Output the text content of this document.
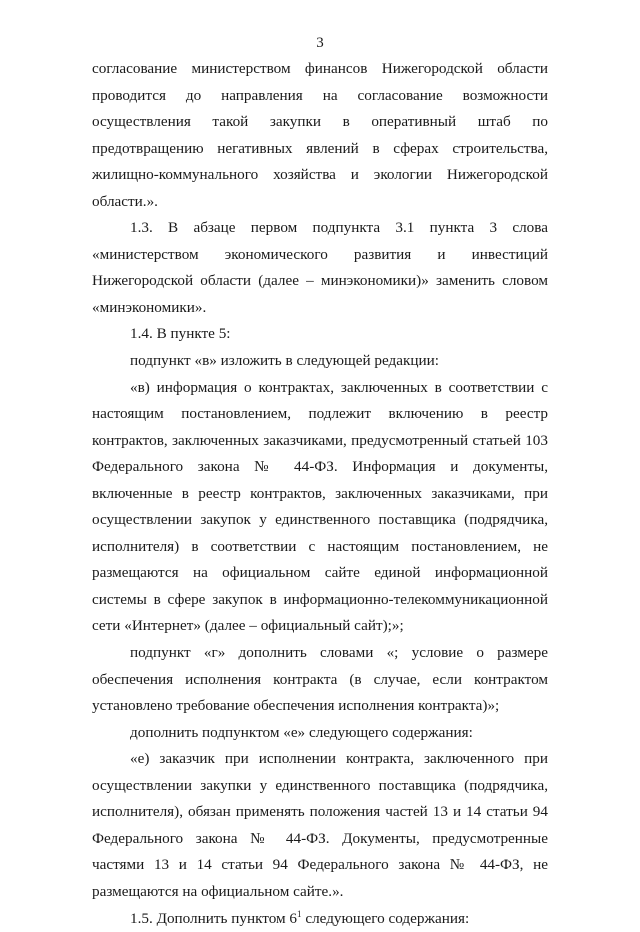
3

согласование министерством финансов Нижегородской области проводится до направления на согласование возможности осуществления такой закупки в оперативный штаб по предотвращению негативных явлений в сферах строительства, жилищно-коммунального хозяйства и экологии Нижегородской области.».

1.3. В абзаце первом подпункта 3.1 пункта 3 слова «министерством экономического развития и инвестиций Нижегородской области (далее – минэкономики)» заменить словом «минэкономики».

1.4. В пункте 5:

подпункт «в» изложить в следующей редакции:

«в) информация о контрактах, заключенных в соответствии с настоящим постановлением, подлежит включению в реестр контрактов, заключенных заказчиками, предусмотренный статьей 103 Федерального закона № 44-ФЗ. Информация и документы, включенные в реестр контрактов, заключенных заказчиками, при осуществлении закупок у единственного поставщика (подрядчика, исполнителя) в соответствии с настоящим постановлением, не размещаются на официальном сайте единой информационной системы в сфере закупок в информационно-телекоммуникационной сети «Интернет» (далее – официальный сайт);»;

подпункт «г» дополнить словами «; условие о размере обеспечения исполнения контракта (в случае, если контрактом установлено требование обеспечения исполнения контракта)»;

дополнить подпунктом «е» следующего содержания:

«е) заказчик при исполнении контракта, заключенного при осуществлении закупки у единственного поставщика (подрядчика, исполнителя), обязан применять положения частей 13 и 14 статьи 94 Федерального закона № 44-ФЗ. Документы, предусмотренные частями 13 и 14 статьи 94 Федерального закона № 44-ФЗ, не размещаются на официальном сайте.».

1.5. Дополнить пунктом $6^1$ следующего содержания:
